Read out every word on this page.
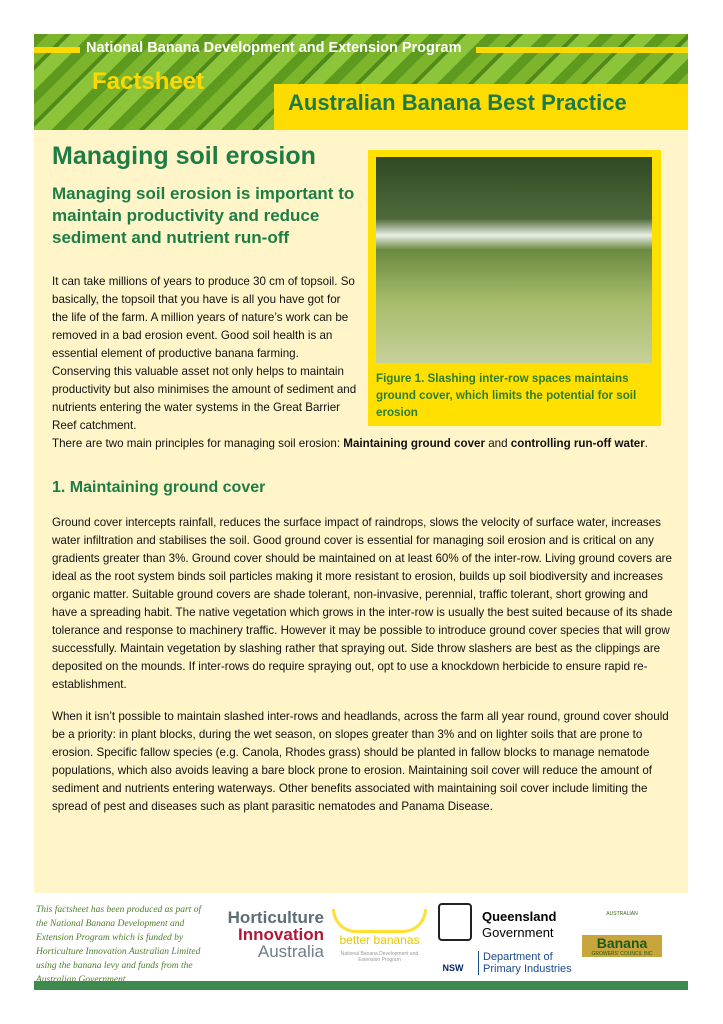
National Banana Development and Extension Program
Factsheet
Australian Banana Best Practice
Managing soil erosion
Managing soil erosion is important to maintain productivity and reduce sediment and nutrient run-off
It can take millions of years to produce 30 cm of topsoil. So basically, the topsoil that you have is all you have got for the life of the farm. A million years of nature’s work can be removed in a bad erosion event. Good soil health is an essential element of productive banana farming. Conserving this valuable asset not only helps to maintain productivity but also minimises the amount of sediment and nutrients entering the water systems in the Great Barrier Reef catchment.
Figure 1. Slashing inter-row spaces maintains ground cover, which limits the potential for soil erosion
There are two main principles for managing soil erosion: Maintaining ground cover and controlling run-off water.
1. Maintaining ground cover
Ground cover intercepts rainfall, reduces the surface impact of raindrops, slows the velocity of surface water, increases water infiltration and stabilises the soil. Good ground cover is essential for managing soil erosion and is critical on any gradients greater than 3%. Ground cover should be maintained on at least 60% of the inter-row. Living ground covers are ideal as the root system binds soil particles making it more resistant to erosion, builds up soil biodiversity and increases organic matter. Suitable ground covers are shade tolerant, non-invasive, perennial, traffic tolerant, short growing and have a spreading habit. The native vegetation which grows in the inter-row is usually the best suited because of its shade tolerance and response to machinery traffic. However it may be possible to introduce ground cover species that will grow successfully. Maintain vegetation by slashing rather that spraying out. Side throw slashers are best as the clippings are deposited on the mounds. If inter-rows do require spraying out, opt to use a knockdown herbicide to ensure rapid re-establishment.
When it isn’t possible to maintain slashed inter-rows and headlands, across the farm all year round, ground cover should be a priority: in plant blocks, during the wet season, on slopes greater than 3% and on lighter soils that are prone to erosion. Specific fallow species (e.g. Canola, Rhodes grass) should be planted in fallow blocks to manage nematode populations, which also avoids leaving a bare block prone to erosion. Maintaining soil cover will reduce the amount of sediment and nutrients entering waterways. Other benefits associated with maintaining soil cover include limiting the spread of pest and diseases such as plant parasitic nematodes and Panama Disease.
This factsheet has been produced as part of the National Banana Development and Extension Program which is funded by Horticulture Innovation Australian Limited using the banana levy and funds from the Australian Government
Horticulture
Innovation
Australia
better bananas
National Banana Development and Extension Program
Queensland
Government
NSW
Department of
Primary Industries
AUSTRALIAN
Banana
GROWERS' COUNCIL INC
